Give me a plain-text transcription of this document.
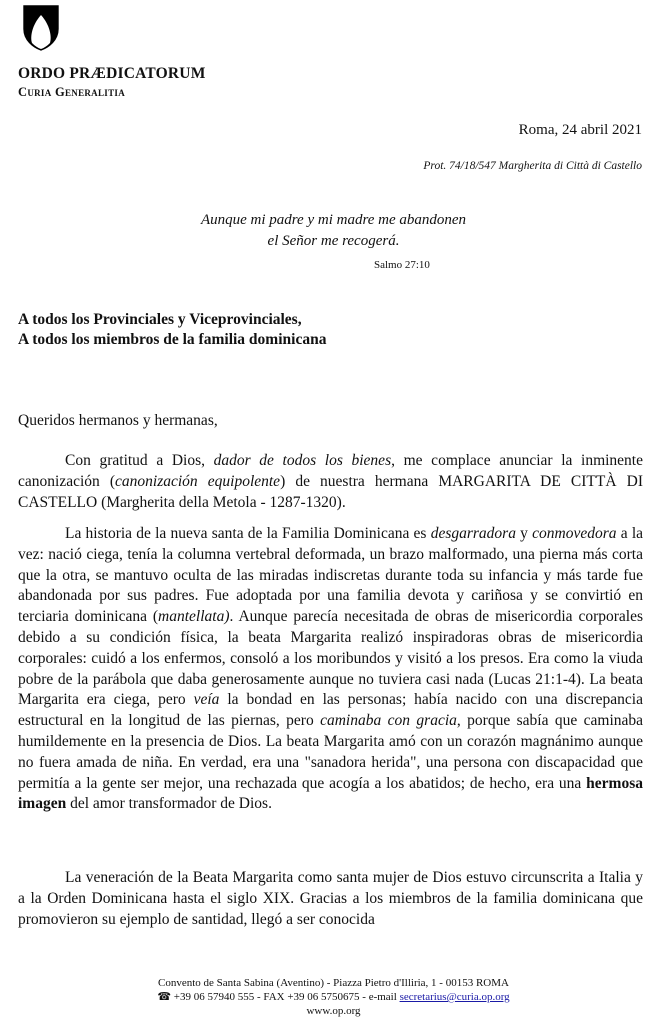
ORDO PRÆDICATORUM
Curia Generalitia
Roma, 24 abril 2021
Prot. 74/18/547 Margherita di Città di Castello
Aunque mi padre y mi madre me abandonen
el Señor me recogerá.
Salmo 27:10
A todos los Provinciales y Viceprovinciales,
A todos los miembros de la familia dominicana
Queridos hermanos y hermanas,

Con gratitud a Dios, dador de todos los bienes, me complace anunciar la inminente canonización (canonización equipolente) de nuestra hermana MARGARITA DE CITTÀ DI CASTELLO (Margherita della Metola - 1287-1320).

La historia de la nueva santa de la Familia Dominicana es desgarradora y conmovedora a la vez: nació ciega, tenía la columna vertebral deformada, un brazo malformado, una pierna más corta que la otra, se mantuvo oculta de las miradas indiscretas durante toda su infancia y más tarde fue abandonada por sus padres. Fue adoptada por una familia devota y cariñosa y se convirtió en terciaria dominicana (mantellata). Aunque parecía necesitada de obras de misericordia corporales debido a su condición física, la beata Margarita realizó inspiradoras obras de misericordia corporales: cuidó a los enfermos, consoló a los moribundos y visitó a los presos. Era como la viuda pobre de la parábola que daba generosamente aunque no tuviera casi nada (Lucas 21:1-4). La beata Margarita era ciega, pero veía la bondad en las personas; había nacido con una discrepancia estructural en la longitud de las piernas, pero caminaba con gracia, porque sabía que caminaba humildemente en la presencia de Dios. La beata Margarita amó con un corazón magnánimo aunque no fuera amada de niña. En verdad, era una "sanadora herida", una persona con discapacidad que permitía a la gente ser mejor, una rechazada que acogía a los abatidos; de hecho, era una hermosa imagen del amor transformador de Dios.

La veneración de la Beata Margarita como santa mujer de Dios estuvo circunscrita a Italia y a la Orden Dominicana hasta el siglo XIX. Gracias a los miembros de la familia dominicana que promovieron su ejemplo de santidad, llegó a ser conocida

Convento de Santa Sabina (Aventino) - Piazza Pietro d'Illiria, 1 - 00153 ROMA
☎ +39 06 57940 555 - FAX +39 06 5750675 - e-mail secretarius@curia.op.org
www.op.org
